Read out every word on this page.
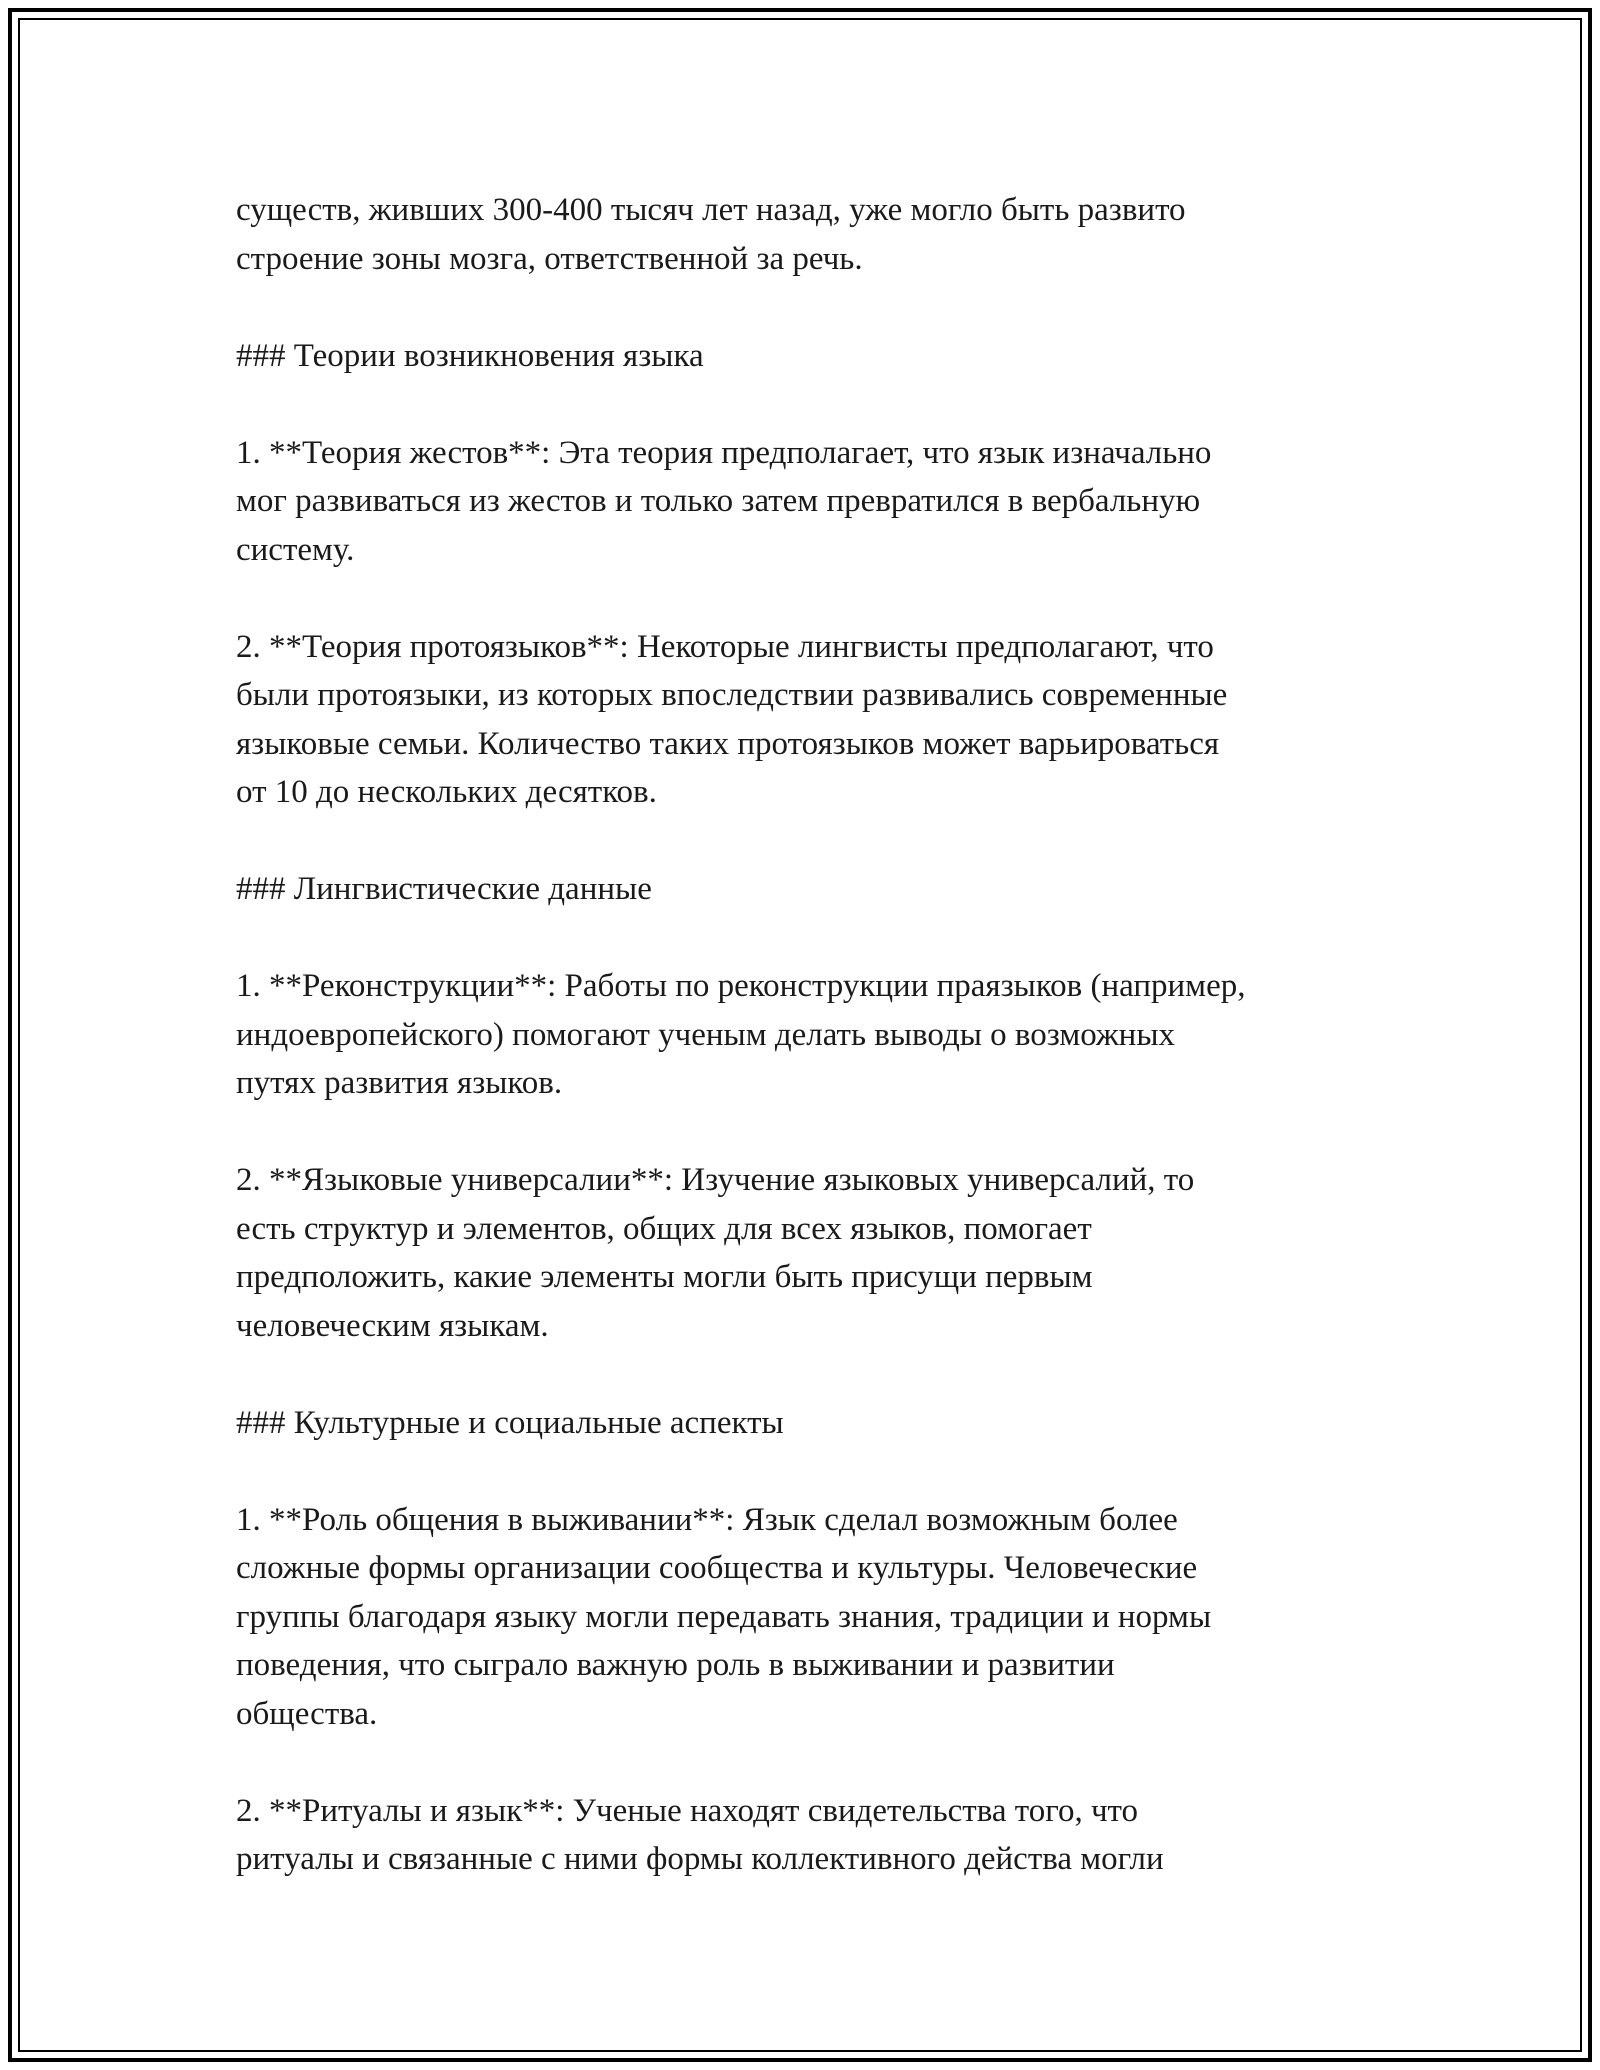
существ, живших 300-400 тысяч лет назад, уже могло быть развито
строение зоны мозга, ответственной за речь.

### Теории возникновения языка

1. **Теория жестов**: Эта теория предполагает, что язык изначально
мог развиваться из жестов и только затем превратился в вербальную
систему.

2. **Теория протоязыков**: Некоторые лингвисты предполагают, что
были протоязыки, из которых впоследствии развивались современные
языковые семьи. Количество таких протоязыков может варьироваться
от 10 до нескольких десятков.

### Лингвистические данные

1. **Реконструкции**: Работы по реконструкции праязыков (например,
индоевропейского) помогают ученым делать выводы о возможных
путях развития языков.

2. **Языковые универсалии**: Изучение языковых универсалий, то
есть структур и элементов, общих для всех языков, помогает
предположить, какие элементы могли быть присущи первым
человеческим языкам.

### Культурные и социальные аспекты

1. **Роль общения в выживании**: Язык сделал возможным более
сложные формы организации сообщества и культуры. Человеческие
группы благодаря языку могли передавать знания, традиции и нормы
поведения, что сыграло важную роль в выживании и развитии
общества.

2. **Ритуалы и язык**: Ученые находят свидетельства того, что
ритуалы и связанные с ними формы коллективного действа могли
